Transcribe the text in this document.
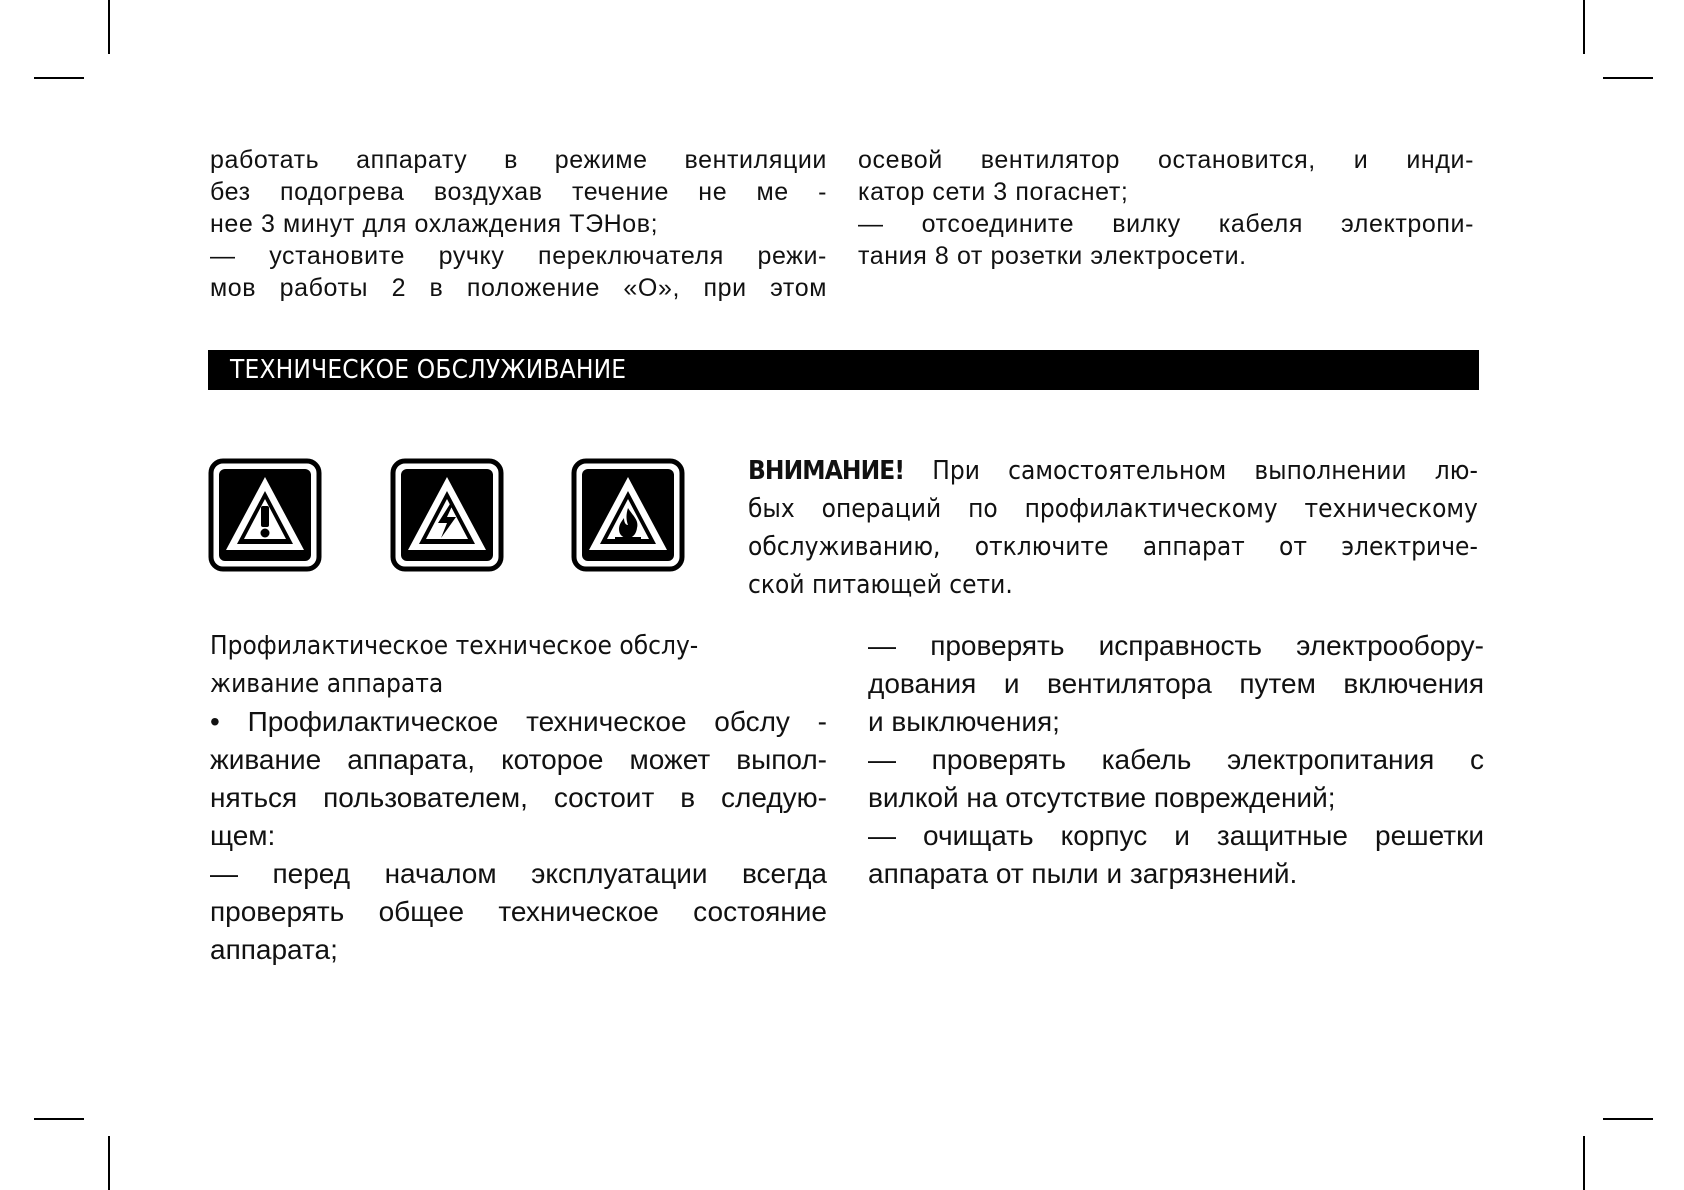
работать аппарату в режиме вентиляции
без подогрева воздухав течение не ме -
нее 3 минут для охлаждения ТЭНов;
— установите ручку переключателя режи-
мов работы 2 в положение «О», при этом
осевой вентилятор остановится, и инди-
катор сети 3 погаснет;
— отсоедините вилку кабеля электропи-
тания 8 от розетки электросети.
ТЕХНИЧЕСКОЕ ОБСЛУЖИВАНИЕ
ВНИМАНИЕ! При самостоятельном выполнении лю-
бых операций по профилактическому техническому
обслуживанию, отключите аппарат от электриче-
ской питающей сети.
Профилактическое техническое обслу-
живание аппарата
• Профилактическое техническое обслу -
живание аппарата, которое может выпол-
няться пользователем, состоит в следую-
щем:
— перед началом эксплуатации всегда
проверять общее техническое состояние
аппарата;
— проверять исправность электрообору-
дования и вентилятора путем включения
и выключения;
— проверять кабель электропитания с
вилкой на отсутствие повреждений;
— очищать корпус и защитные решетки
аппарата от пыли и загрязнений.
